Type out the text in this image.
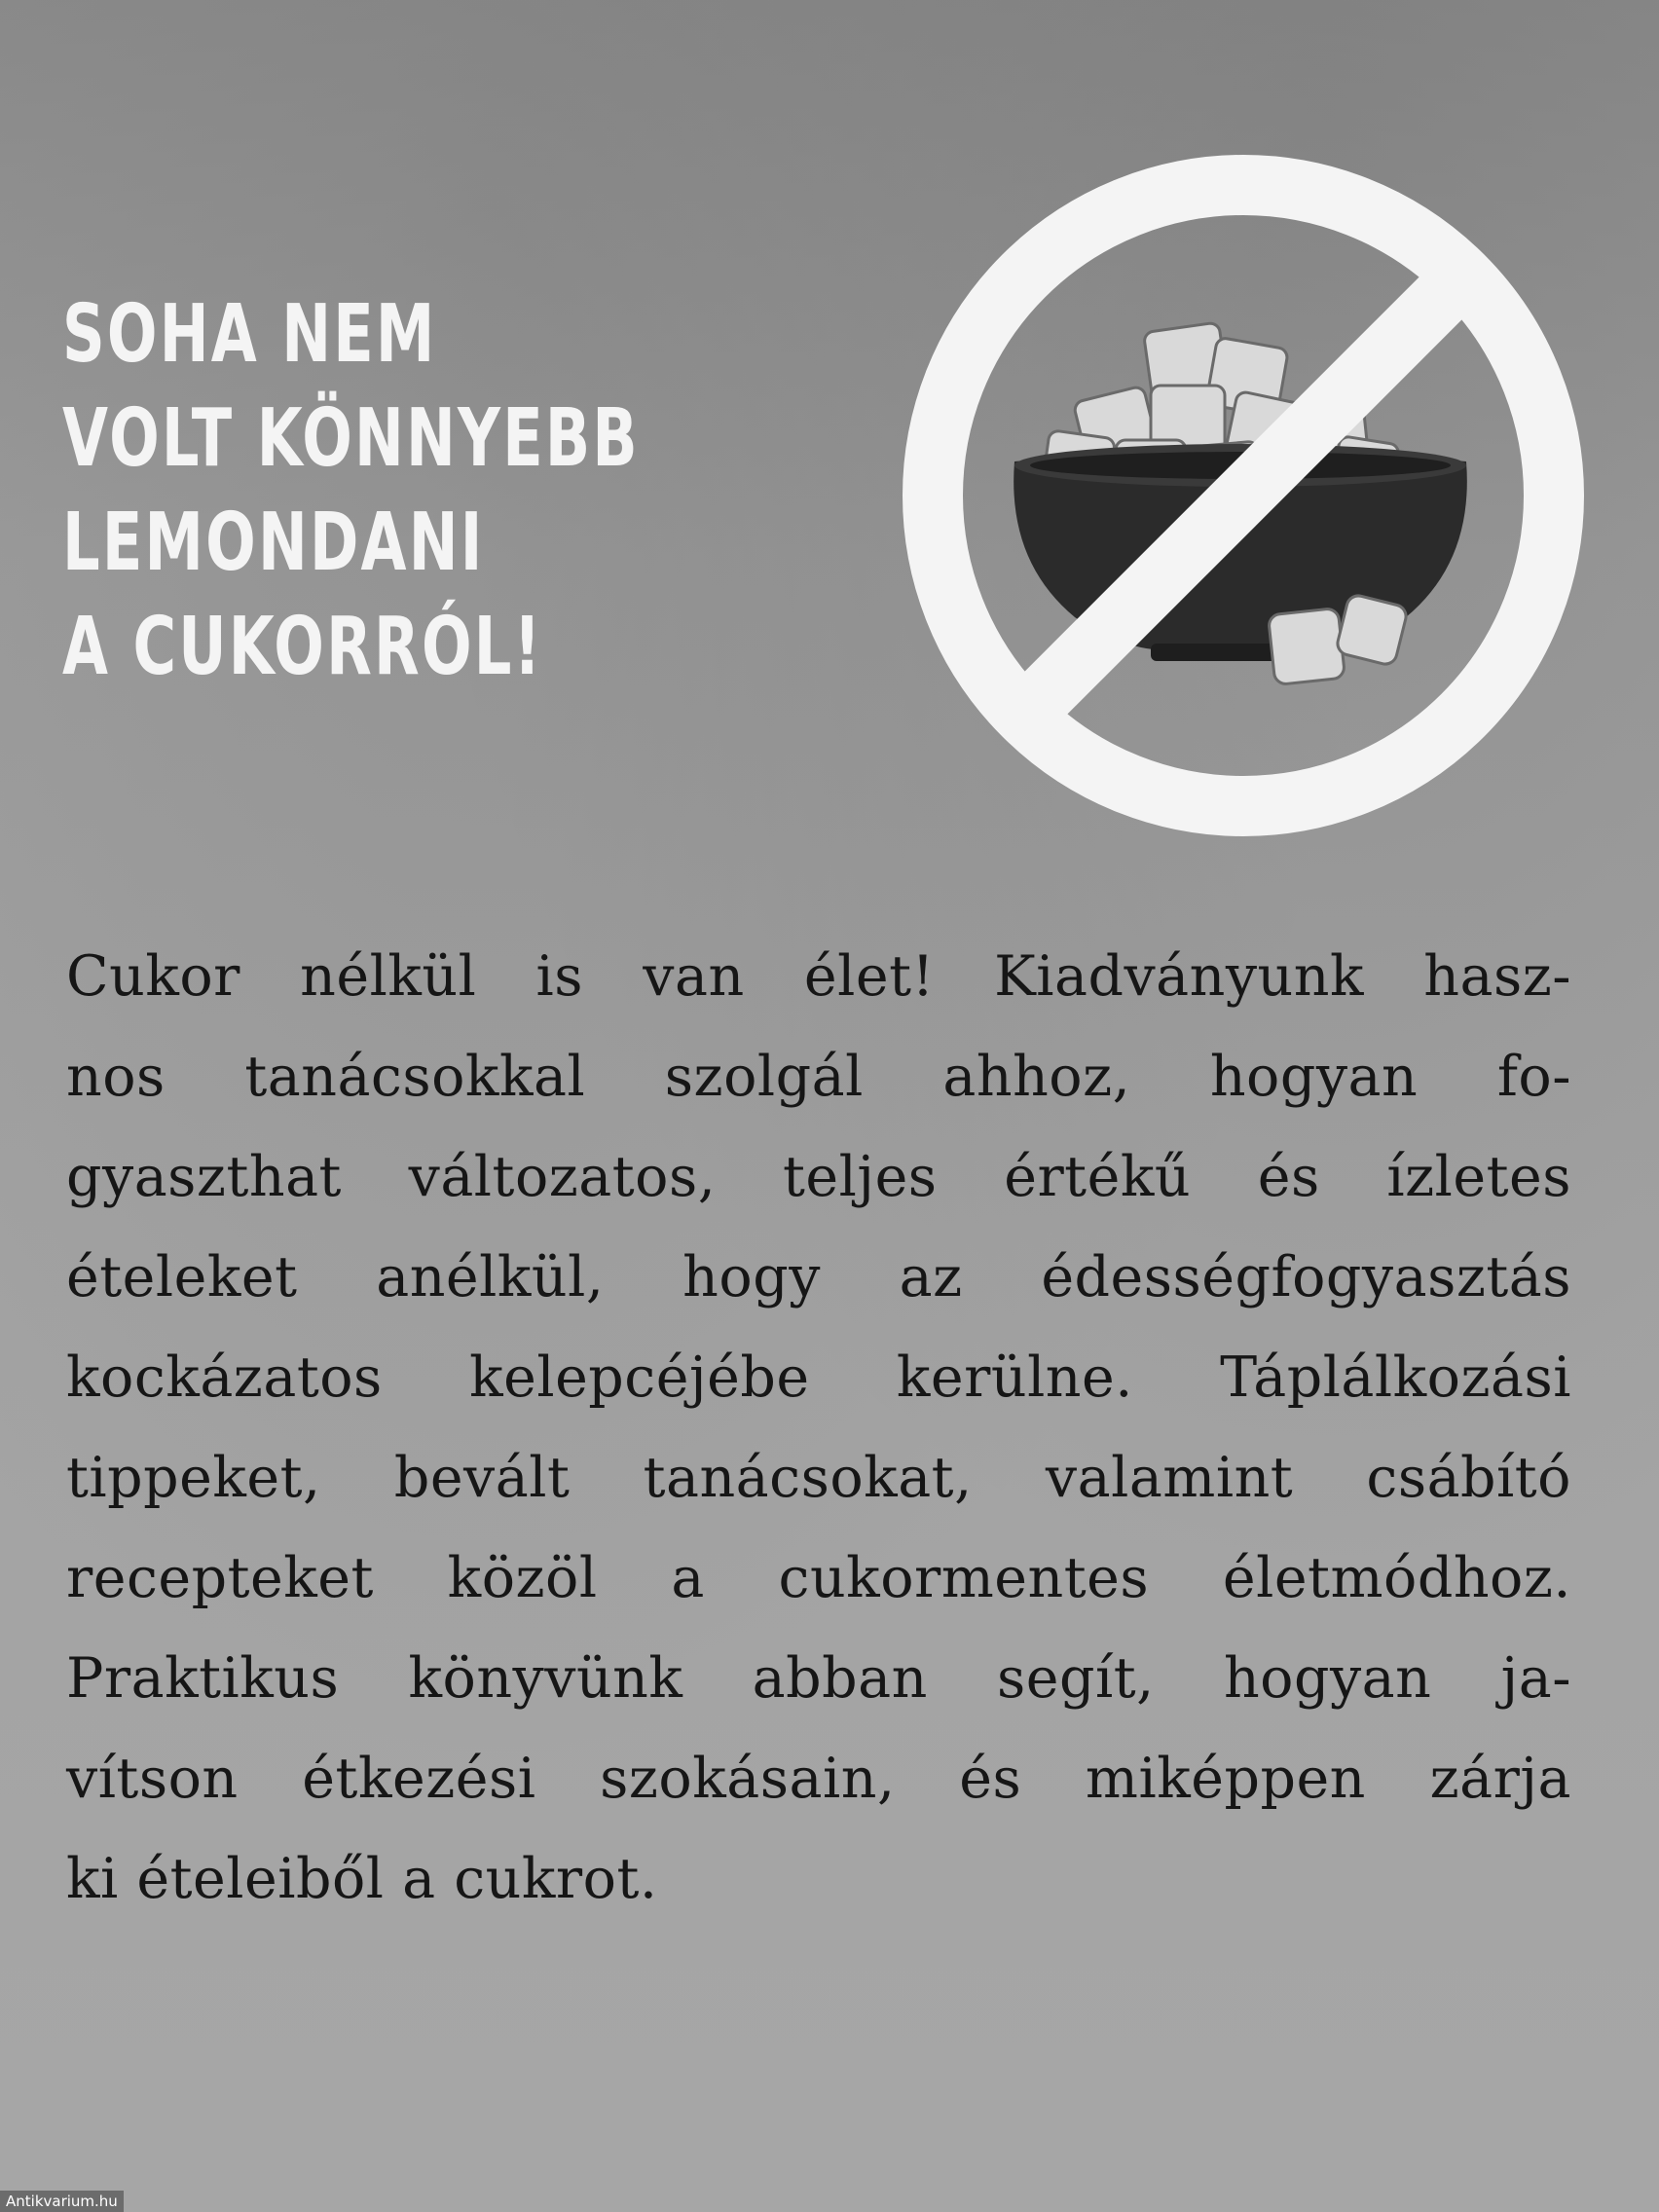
SOHA NEM
VOLT KÖNNYEBB
LEMONDANI
A CUKORRÓL!
Cukor nélkül is van élet! Kiadványunk hasz-
nos tanácsokkal szolgál ahhoz, hogyan fo-
gyaszthat változatos, teljes értékű és ízletes
ételeket anélkül, hogy az édességfogyasztás
kockázatos kelepcéjébe kerülne. Táplálkozási
tippeket, bevált tanácsokat, valamint csábító
recepteket közöl a cukormentes életmódhoz.
Praktikus könyvünk abban segít, hogyan ja-
vítson étkezési szokásain, és miképpen zárja
ki ételeiből a cukrot.
Antikvarium.hu
